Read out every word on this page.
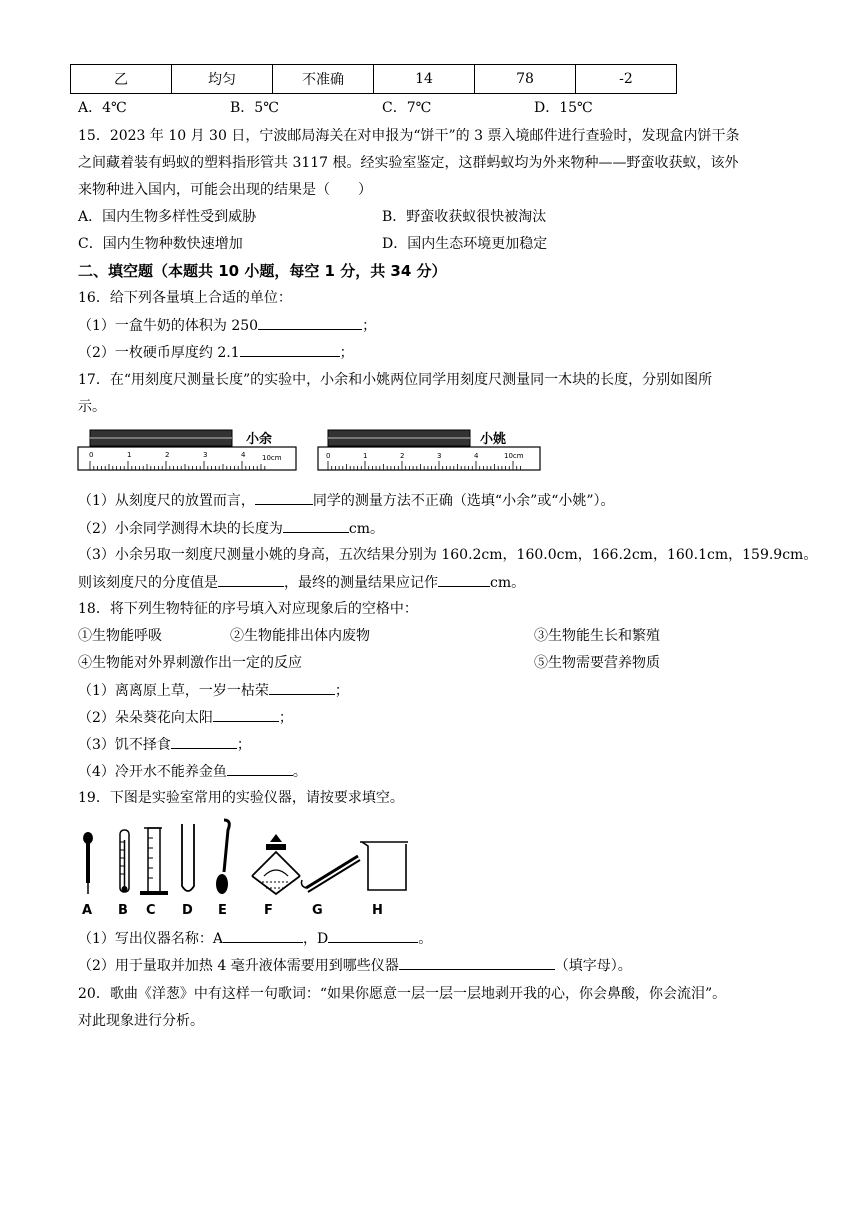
乙	均匀	不准确	14	78	-2
A．4℃	B．5℃	C．7℃	D．15℃
15．2023 年 10 月 30 日，宁波邮局海关在对申报为“饼干”的 3 票入境邮件进行查验时，发现盒内饼干条
之间藏着装有蚂蚁的塑料指形管共 3117 根。经实验室鉴定，这群蚂蚁均为外来物种——野蛮收获蚁，该外
来物种进入国内，可能会出现的结果是（　　）
A．国内生物多样性受到威胁	B．野蛮收获蚁很快被淘汰
C．国内生物种数快速增加	D．国内生态环境更加稳定
二、填空题（本题共 10 小题，每空 1 分，共 34 分）
16．给下列各量填上合适的单位：
（1）一盒牛奶的体积为 250	；
（2）一枚硬币厚度约 2.1	；
17．在“用刻度尺测量长度”的实验中，小余和小姚两位同学用刻度尺测量同一木块的长度，分别如图所
示。
0	1	2	3	4 10cm
小余
0	1	2	3	4	10cm
小姚
（1）从刻度尺的放置而言，	同学的测量方法不正确（选填“小余”或“小姚”）。
（2）小余同学测得木块的长度为	cm。
（3）小余另取一刻度尺测量小姚的身高，五次结果分别为 160.2cm，160.0cm，166.2cm，160.1cm，159.9cm。
则该刻度尺的分度值是	，最终的测量结果应记作	cm。
18．将下列生物特征的序号填入对应现象后的空格中：
①生物能呼吸	②生物能排出体内废物	③生物能生长和繁殖
④生物能对外界刺激作出一定的反应	⑤生物需要营养物质
（1）离离原上草，一岁一枯荣	；
（2）朵朵葵花向太阳	；
（3）饥不择食	；
（4）冷开水不能养金鱼	。
19．下图是实验室常用的实验仪器，请按要求填空。
A B C D E	F	G	H
（1）写出仪器名称：A	，D	。
（2）用于量取并加热 4 毫升液体需要用到哪些仪器	（填字母）。
20．歌曲《洋葱》中有这样一句歌词：“如果你愿意一层一层一层地剥开我的心，你会鼻酸，你会流泪”。
对此现象进行分析。
